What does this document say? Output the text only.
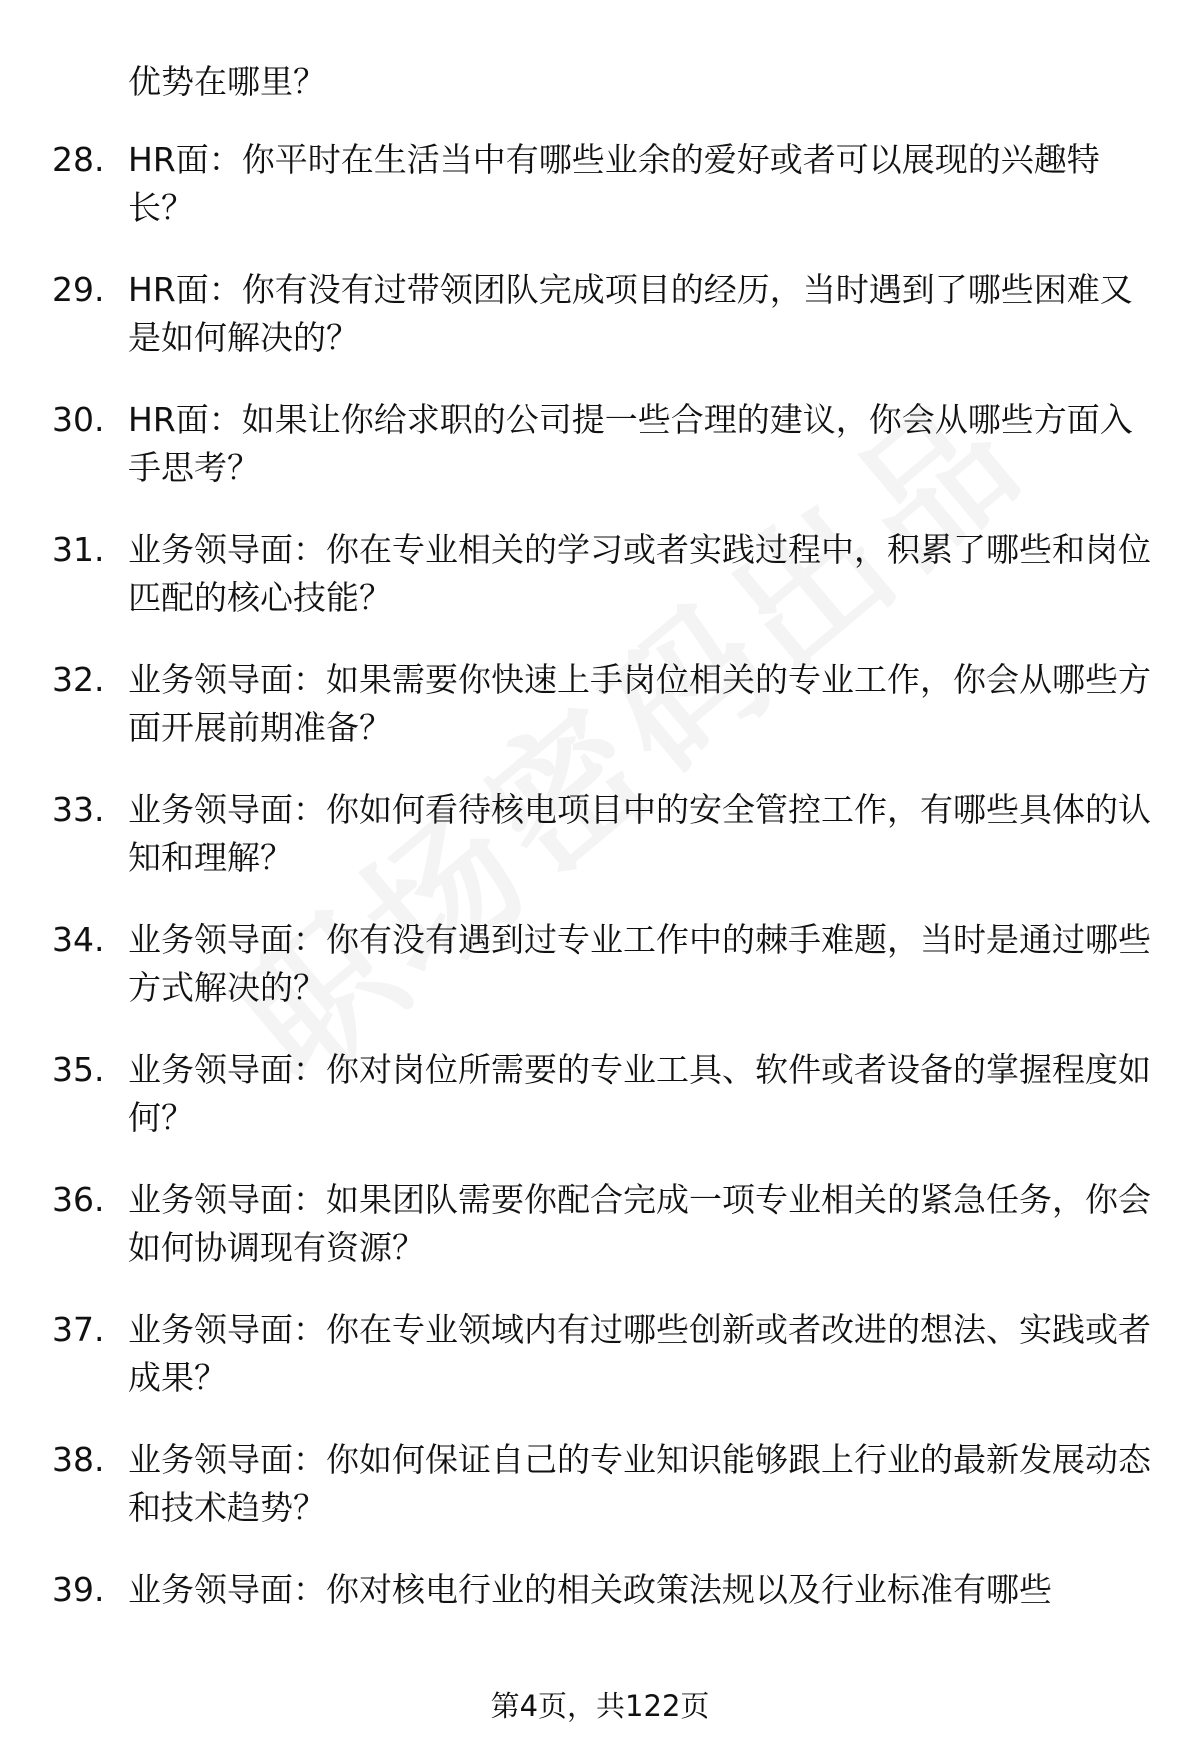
优势在哪里？
28. HR面：你平时在生活当中有哪些业余的爱好或者可以展现的兴趣特长？
29. HR面：你有没有过带领团队完成项目的经历，当时遇到了哪些困难又是如何解决的？
30. HR面：如果让你给求职的公司提一些合理的建议，你会从哪些方面入手思考？
31. 业务领导面：你在专业相关的学习或者实践过程中，积累了哪些和岗位匹配的核心技能？
32. 业务领导面：如果需要你快速上手岗位相关的专业工作，你会从哪些方面开展前期准备？
33. 业务领导面：你如何看待核电项目中的安全管控工作，有哪些具体的认知和理解？
34. 业务领导面：你有没有遇到过专业工作中的棘手难题，当时是通过哪些方式解决的？
35. 业务领导面：你对岗位所需要的专业工具、软件或者设备的掌握程度如何？
36. 业务领导面：如果团队需要你配合完成一项专业相关的紧急任务，你会如何协调现有资源？
37. 业务领导面：你在专业领域内有过哪些创新或者改进的想法、实践或者成果？
38. 业务领导面：你如何保证自己的专业知识能够跟上行业的最新发展动态和技术趋势？
39. 业务领导面：你对核电行业的相关政策法规以及行业标准有哪些
第4页，共122页
